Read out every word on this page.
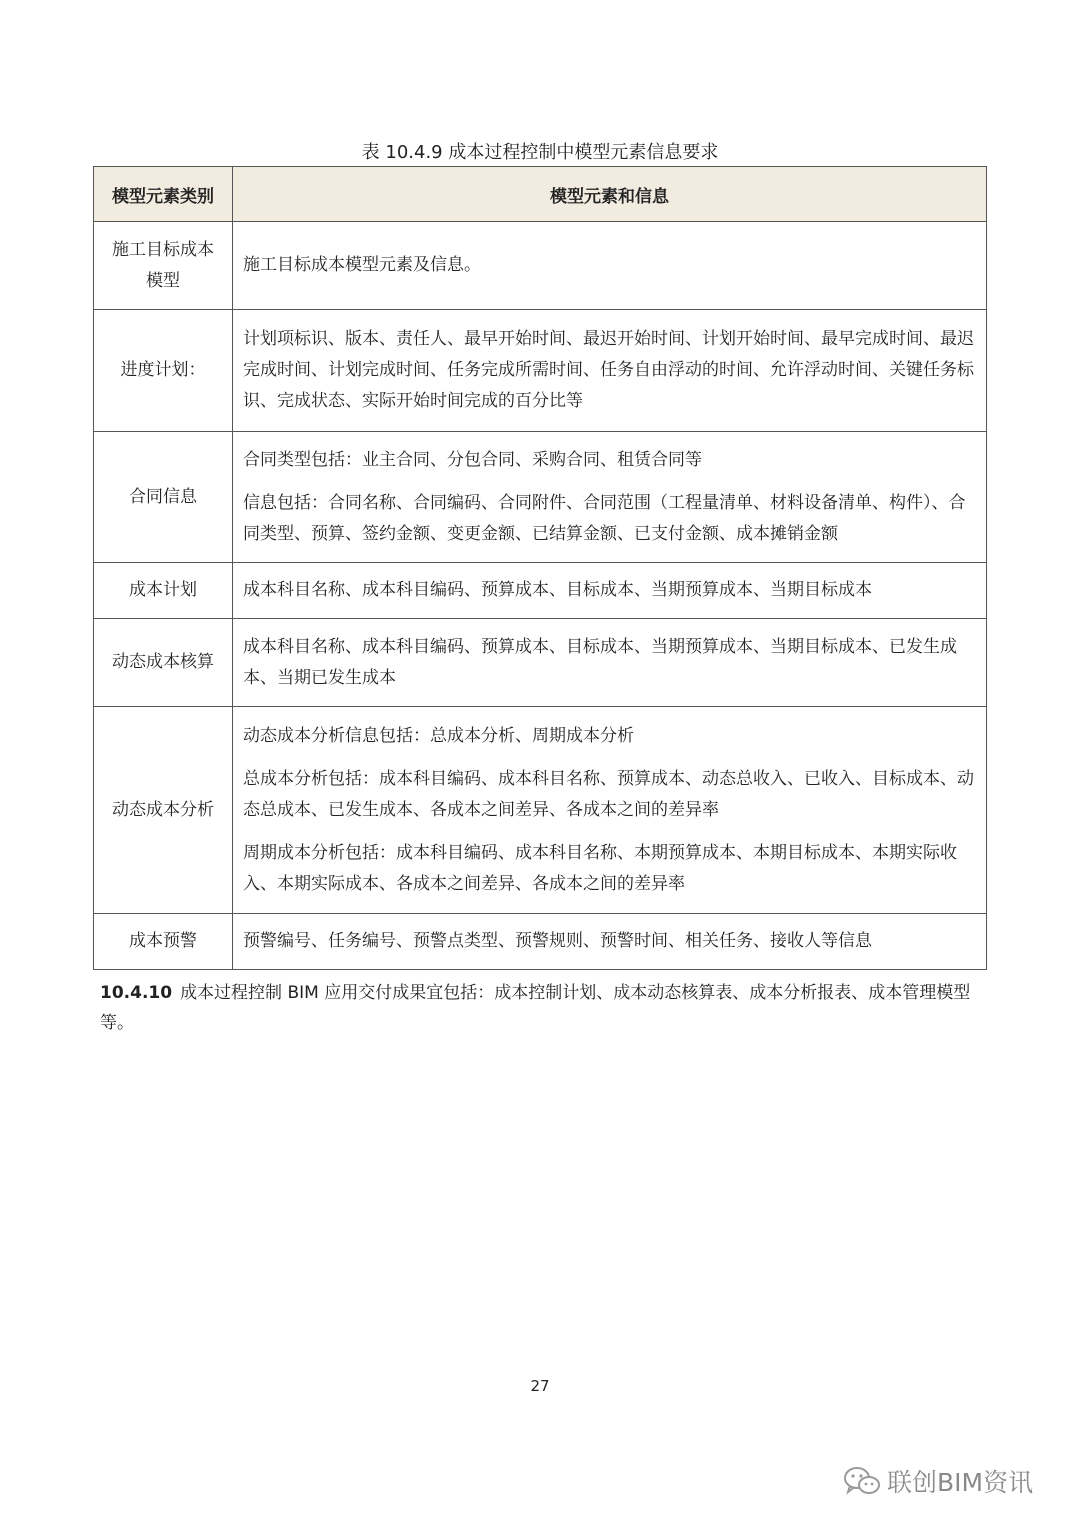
表 10.4.9 成本过程控制中模型元素信息要求
模型元素类别	模型元素和信息
施工目标成本
模型	施工目标成本模型元素及信息。

进度计划：	计划项标识、版本、责任人、最早开始时间、最迟开始时间、计划开始时间、最早完成时间、最迟完成时间、计划完成时间、任务完成所需时间、任务自由浮动的时间、允许浮动时间、关键任务标识、完成状态、实际开始时间完成的百分比等

合同信息	合同类型包括：业主合同、分包合同、采购合同、租赁合同等

信息包括：合同名称、合同编码、合同附件、合同范围（工程量清单、材料设备清单、构件）、合同类型、预算、签约金额、变更金额、已结算金额、已支付金额、成本摊销金额

成本计划	成本科目名称、成本科目编码、预算成本、目标成本、当期预算成本、当期目标成本

动态成本核算	成本科目名称、成本科目编码、预算成本、目标成本、当期预算成本、当期目标成本、已发生成本、当期已发生成本

动态成本分析	动态成本分析信息包括：总成本分析、周期成本分析

总成本分析包括：成本科目编码、成本科目名称、预算成本、动态总收入、已收入、目标成本、动态总成本、已发生成本、各成本之间差异、各成本之间的差异率

周期成本分析包括：成本科目编码、成本科目名称、本期预算成本、本期目标成本、本期实际收入、本期实际成本、各成本之间差异、各成本之间的差异率

成本预警	预警编号、任务编号、预警点类型、预警规则、预警时间、相关任务、接收人等信息

10.4.10 成本过程控制 BIM 应用交付成果宜包括：成本控制计划、成本动态核算表、成本分析报表、成本管理模型等。
27
联创BIM资讯
